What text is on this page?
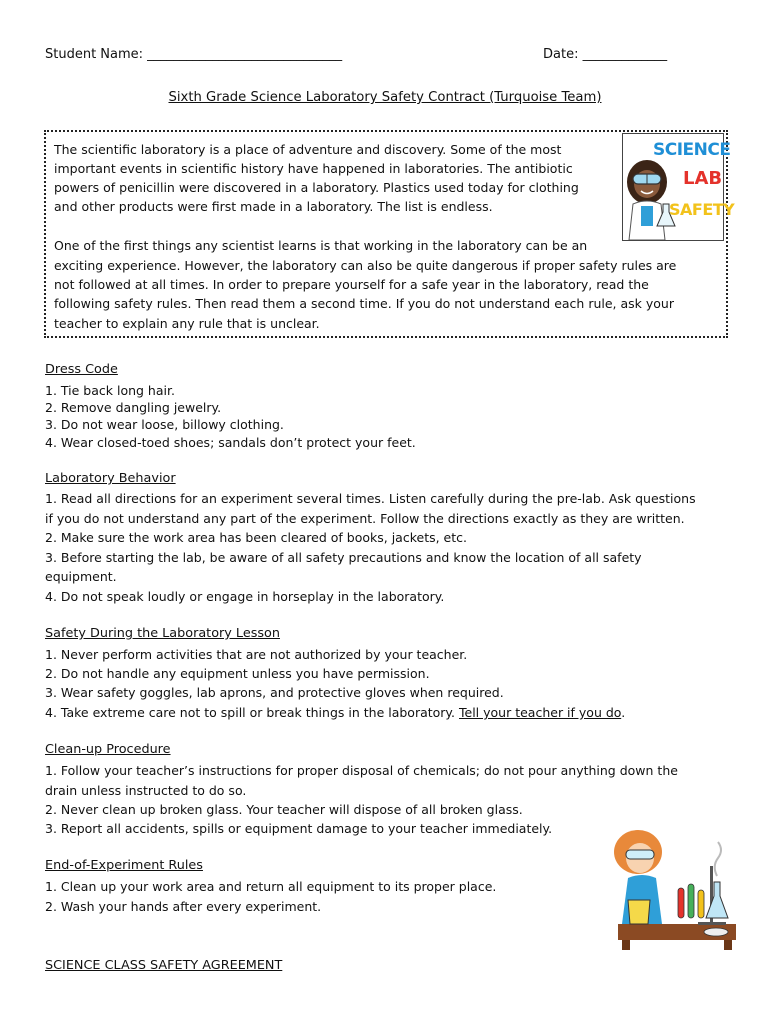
Student Name: ______________________________	Date: _____________
Sixth Grade Science Laboratory Safety Contract (Turquoise Team)
The scientific laboratory is a place of adventure and discovery. Some of the most
important events in scientific history have happened in laboratories. The antibiotic
powers of penicillin were discovered in a laboratory. Plastics used today for clothing
and other products were first made in a laboratory. The list is endless.
One of the first things any scientist learns is that working in the laboratory can be an
exciting experience. However, the laboratory can also be quite dangerous if proper safety rules are
not followed at all times. In order to prepare yourself for a safe year in the laboratory, read the
following safety rules. Then read them a second time. If you do not understand each rule, ask your
teacher to explain any rule that is unclear.
SCIENCE
LAB
SAFETY
Dress Code
1. Tie back long hair.
2. Remove dangling jewelry.
3. Do not wear loose, billowy clothing.
4. Wear closed-toed shoes; sandals don’t protect your feet.
Laboratory Behavior
1. Read all directions for an experiment several times. Listen carefully during the pre-lab. Ask questions
if you do not understand any part of the experiment. Follow the directions exactly as they are written.
2. Make sure the work area has been cleared of books, jackets, etc.
3. Before starting the lab, be aware of all safety precautions and know the location of all safety
equipment.
4. Do not speak loudly or engage in horseplay in the laboratory.
Safety During the Laboratory Lesson
1. Never perform activities that are not authorized by your teacher.
2. Do not handle any equipment unless you have permission.
3. Wear safety goggles, lab aprons, and protective gloves when required.
4. Take extreme care not to spill or break things in the laboratory. Tell your teacher if you do.
Clean-up Procedure
1. Follow your teacher’s instructions for proper disposal of chemicals; do not pour anything down the
drain unless instructed to do so.
2. Never clean up broken glass. Your teacher will dispose of all broken glass.
3. Report all accidents, spills or equipment damage to your teacher immediately.
End-of-Experiment Rules
1. Clean up your work area and return all equipment to its proper place.
2. Wash your hands after every experiment.
SCIENCE CLASS SAFETY AGREEMENT
